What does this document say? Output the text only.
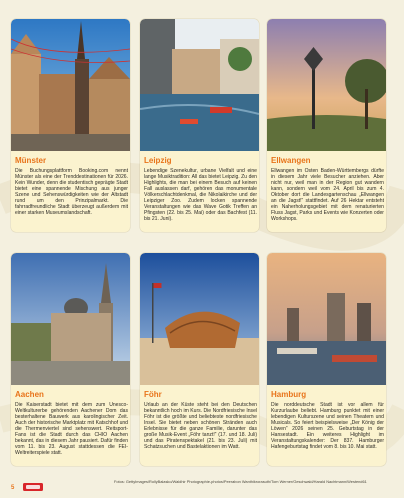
Münster

Die Buchungsplattform Booking.com nennt Münster als eine der Trenddestinationen für 2026. Kein Wunder, denn die studentisch geprägte Stadt bietet eine spannende Mischung aus junger Szene und Sehenswürdigkeiten wie der Altstadt rund um den Prinzipalmarkt. Die fahrradfreundliche Stadt überzeugt außerdem mit einer starken Museumslandschaft.

Leipzig

Lebendige Szenekultur, urbane Vielfalt und eine lange Musiktradition: All das bietet Leipzig. Zu den Highlights, die man bei einem Besuch auf keinen Fall auslassen darf, gehören das monumentale Völkerschlachtdenkmal, die Nikolaikirche und der Leipziger Zoo. Zudem locken spannende Veranstaltungen wie das Wave Gotik Treffen an Pfingsten (22. bis 25. Mai) oder das Bachfest (11. bis 21. Juni).

Ellwangen

Ellwangen im Osten Baden-Württembergs dürfte in diesem Jahr viele Besucher anziehen. Aber nicht nur, weil man in der Region gut wandern kann, sondern weil vom 24. April bis zum 4. Oktober dort die Landesgartenschau „Ellwangen an die Jagst!“ stattfindet. Auf 26 Hektar entsteht ein Naherholungsgebiet mit dem renaturierten Fluss Jagst, Parks und Events wie Konzerten oder Workshops.

Aachen

Die Kaiserstadt bietet mit dem zum Unesco-Weltkulturerbe gehörenden Aachener Dom das besterhaltene Bauwerk aus karolingischer Zeit. Auch der historische Marktplatz mit Katschhof und die Thermenviertel sind sehenswert. Reitsport-Fans ist die Stadt durch das CHIO Aachen bekannt, das in diesem Jahr pausiert. Dafür finden vom 11. bis 23. August stattdessen die FEI-Weltreiterspiele statt.

Föhr

Urlaub an der Küste steht bei den Deutschen bekanntlich hoch im Kurs. Die Nordfriesische Insel Föhr ist die größte und beliebteste nordfriesische Insel. Sie bietet neben schönen Stränden auch Erlebnisse für die ganze Familie, darunter das große Musik-Event „Föhr tanzt!“ (17. und 18. Juli) und das Piratenspektakel (21. bis 23. Juli) mit Schatzsuchen und Bastelaktionen im Watt.

Hamburg

Die norddeutsche Stadt ist vor allem für Kurzurlaube beliebt. Hamburg punktet mit einer lebendigen Kulturszene und seinen Theatern und Musicals. So feiert beispielsweise „Der König der Löwen“ 2026 seinen 25. Geburtstag in der Hansestadt. Ein weiteres Highlight im Veranstaltungskalender: Der 837. Hamburger Hafengeburtstag findet vom 8. bis 10. Mai statt.

Fotos: GettyImages/RollyBalasko/Waldhir Photographie-photos/Peerabon Wanthikrorasuth/Tom Werner/Geschwald/Harald Nachtmann/Westend61

5
